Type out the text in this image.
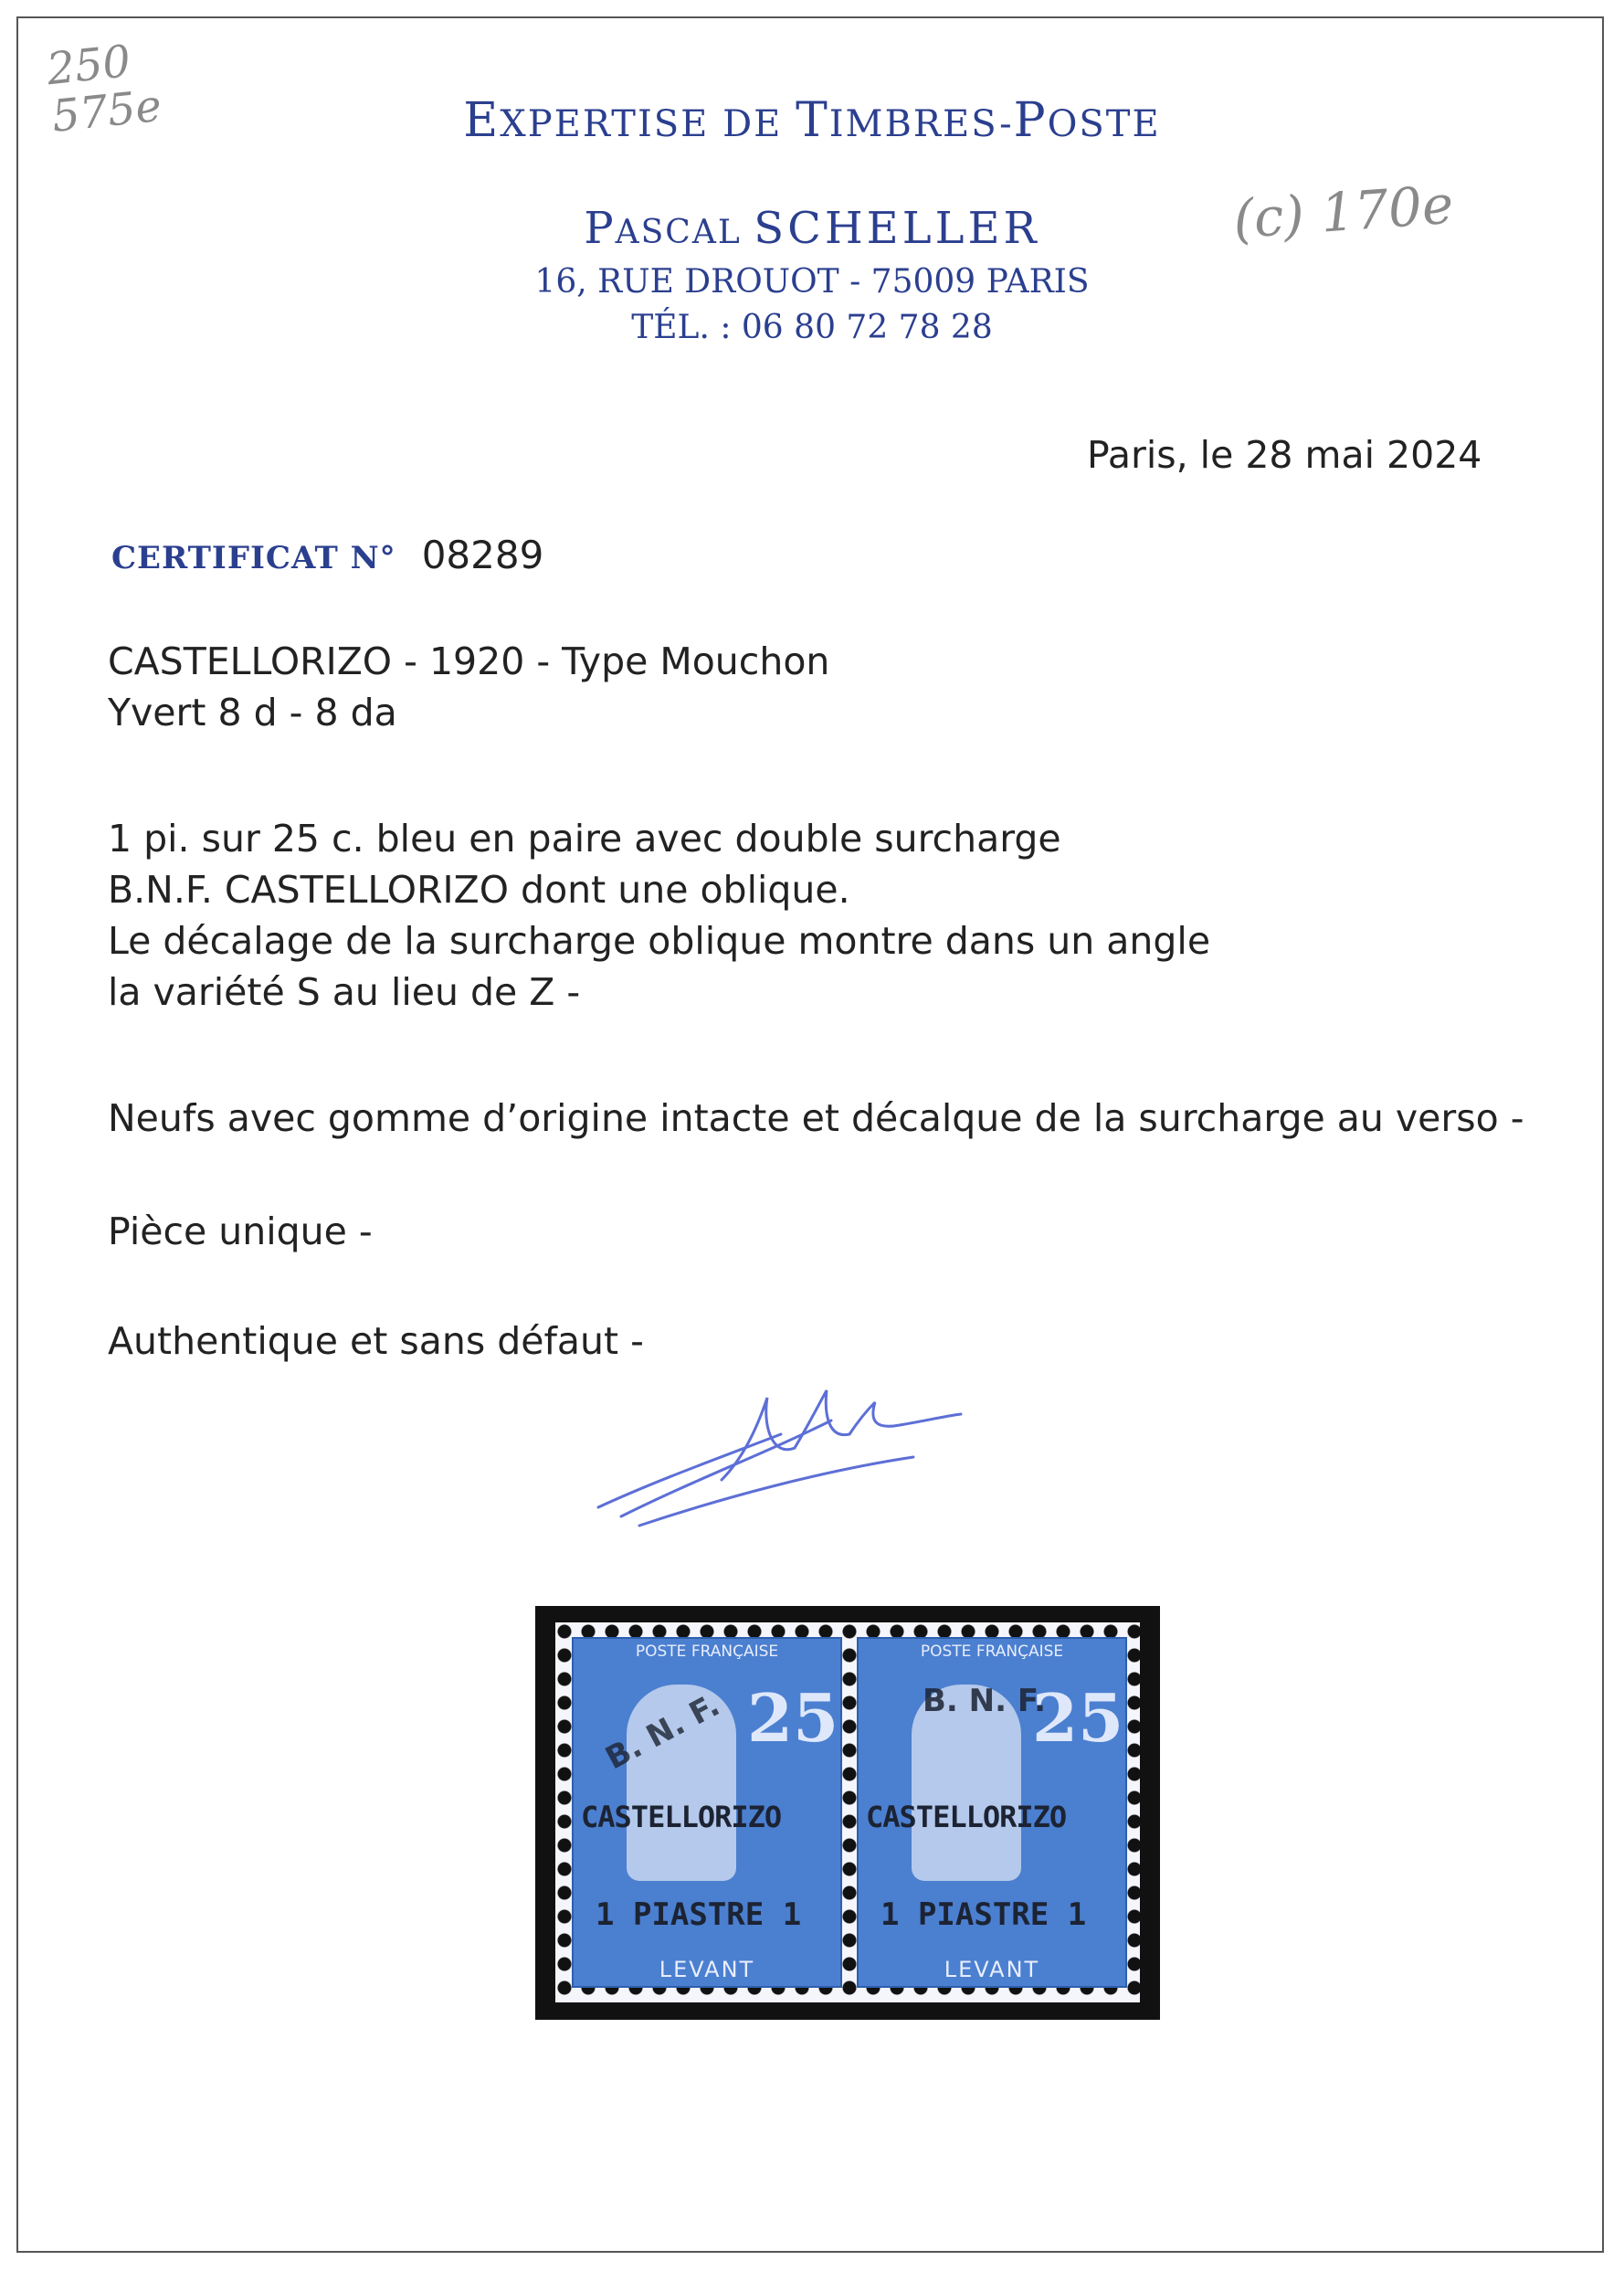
250
575e
(c) 170e
EXPERTISE DE TIMBRES-POSTE
PASCAL SCHELLER
16, RUE DROUOT - 75009 PARIS
TÉL. : 06 80 72 78 28
Paris, le 28 mai 2024
CERTIFICAT N° 08289
CASTELLORIZO - 1920 - Type Mouchon
Yvert 8 d - 8 da
1 pi. sur 25 c. bleu en paire avec double surcharge
B.N.F. CASTELLORIZO dont une oblique.
Le décalage de la surcharge oblique montre dans un angle
la variété S au lieu de Z -
Neufs avec gomme d’origine intacte et décalque de la surcharge au verso -
Pièce unique -
Authentique et sans défaut -
POSTE FRANÇAISE
25
B. N. F.
CASTELLORIZO
1 PIASTRE 1
LEVANT
POSTE FRANÇAISE
25
B. N. F.
CASTELLORIZO
1 PIASTRE 1
LEVANT
